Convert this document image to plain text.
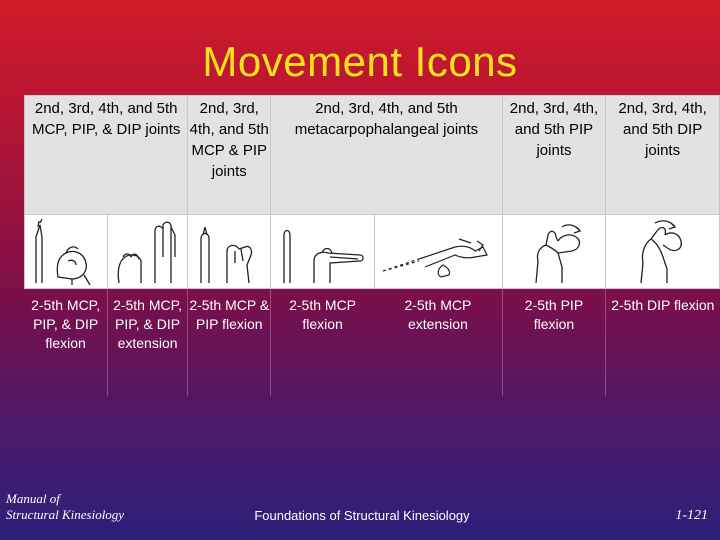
Movement Icons
2nd, 3rd, 4th, and 5th MCP, PIP, & DIP joints		2nd, 3rd, 4th, and 5th MCP & PIP joints	2nd, 3rd, 4th, and 5th metacarpophalangeal joints		2nd, 3rd, 4th, and 5th PIP joints	2nd, 3rd, 4th, and 5th DIP joints

2-5th MCP, PIP, & DIP flexion	2-5th MCP, PIP, & DIP extension	2-5th MCP & PIP flexion	2-5th MCP flexion	2-5th MCP extension	2-5th PIP flexion	2-5th DIP flexion
Manual of
Structural Kinesiology	Foundations of Structural Kinesiology	1-121
